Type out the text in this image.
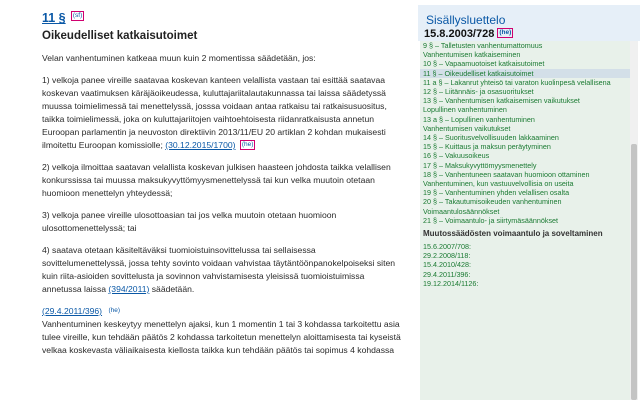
11 § (sf)
Oikeudelliset katkaisutoimet
Velan vanhentuminen katkeaa muun kuin 2 momentissa säädetään, jos:
1) velkoja panee vireille saatavaa koskevan kanteen velallista vastaan tai esittää saatavaa koskevan vaatimuksen käräjäoikeudessa, kuluttajariitalautakunnassa tai laissa säädetyssä muussa toimielimessä tai menettelyssä, josssa voidaan antaa ratkaisu tai ratkaisusuositus, taikka toimielimessä, joka on kuluttajariitojen vaihtoehtoisesta riidanratkaisusta annetun Euroopan parlamentin ja neuvoston direktiivin 2013/11/EU 20 artiklan 2 kohdan mukaisesti ilmoitettu Euroopan komissiolle; (30.12.2015/1700) (he)
2) velkoja ilmoittaa saatavan velallista koskevan julkisen haasteen johdosta taikka velallisen konkurssissa tai muussa maksukyvyttömyysmenettelyssä tai kun velka muutoin otetaan huomioon menettelyn yhteydessä;
3) velkoja panee vireille ulosottoasian tai jos velka muutoin otetaan huomioon ulosottomenettelyssä; tai
4) saatava otetaan käsiteltäväksi tuomioistuinsovittelussa tai sellaisessa sovittelumenettelyssä, jossa tehty sovinto voidaan vahvistaa täytäntöönpanokelpoiseksi siten kuin riita-asioiden sovittelusta ja sovinnon vahvistamisesta yleisissä tuomioistuimissa annetussa laissa (394/2011) säädetään.
(29.4.2011/396) (he)
Vanhentuminen keskeytyy menettelyn ajaksi, kun 1 momentin 1 tai 3 kohdassa tarkoitettu asia tulee vireille, kun tehdään päätös 2 kohdassa tarkoitetun menettelyn aloittamisesta tai kyseistä velkaa koskevasta väliaikaisesta kiellosta taikka kun tehdään päätös tai sopimus 4 kohdassa
Sisällysluettelo
15.8.2003/728 (he)
9 § – Talletusten vanhentumattomuus
Vanhentumisen katkaiseminen
10 § – Vapaamuotoiset katkaisutoimet
11 § – Oikeudelliset katkaisutoimet
11 a § – Lakanrut yhteisö tai varaton kuolinpesä velallisena
12 § – Liitännäis- ja osasuoritukset
13 § – Vanhentumisen katkaisemisen vaikutukset
Lopullinen vanhentuminen
13 a § – Lopullinen vanhentuminen
Vanhentumisen vaikutukset
14 § – Suoritusvelvollisuuden lakkaaminen
15 § – Kuittaus ja maksun peräytyminen
16 § – Vakuusoikeus
17 § – Maksukyvyttömyysmenettely
18 § – Vanhentuneen saatavan huomioon ottaminen
Vanhentuminen, kun vastuuvelvollisia on useita
19 § – Vanhentuminen yhden velallisen osalta
20 § – Takautumisoikeuden vanhentuminen
Voimaantulosäännökset
21 § – Voimaantulo- ja siirtymäsäännökset
Muutossäädösten voimaantulo ja soveltaminen
15.6.2007/708:
29.2.2008/118:
15.4.2010/428:
29.4.2011/396:
19.12.2014/1126:
